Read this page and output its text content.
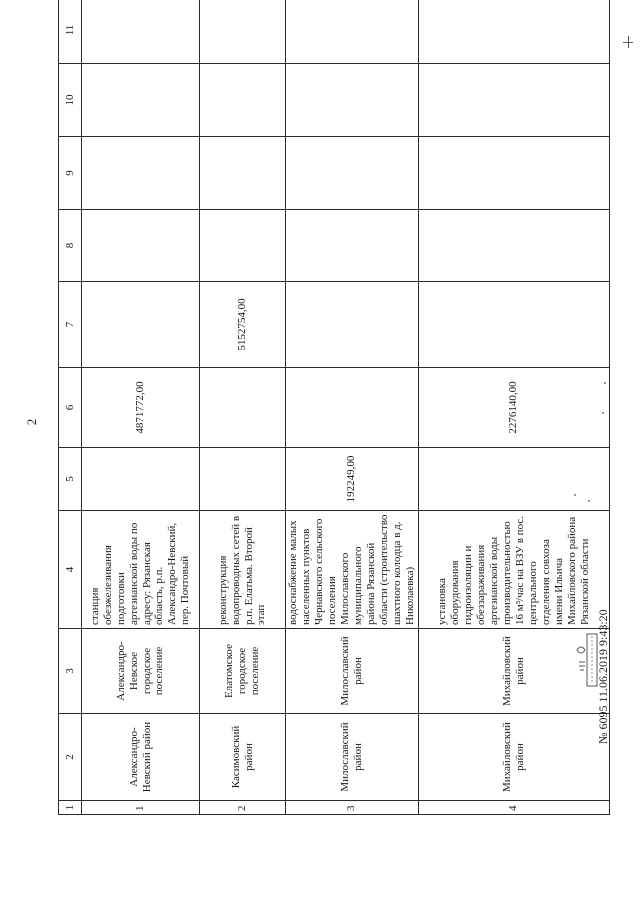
2
1	2	3	4	5	6	7	8	9	10	11
1	Александро-Невский район	Александро-Невское городское поселение	станция обезжелезивания подготовки артезианской воды по адресу: Рязанская область, р.п. Александро-Невский, пер. Почтовый		4871772,00					
2	Касимовский район	Елатомское городское поселение	реконструкция водопроводных сетей в р.п. Елатьма. Второй этап			5152754,00				
3	Милославский район	Милославский район	водоснабжение малых населенных пунктов Чернавского сельского поселения Милославского муниципального района Рязанской области (строительство шахтного колодца в д. Николаевка)	192249,00						
4	Михайловский район	Михайловский район	установка оборудования гидроизоляции и обеззараживания артезианской воды производительностью 16 м³/час на ВЗУ в пос. центрального отделения совхоза имени Ильича Михайловского района Рязанской области		2276140,00					
№ 6095 11.06.2019 9:43:20
